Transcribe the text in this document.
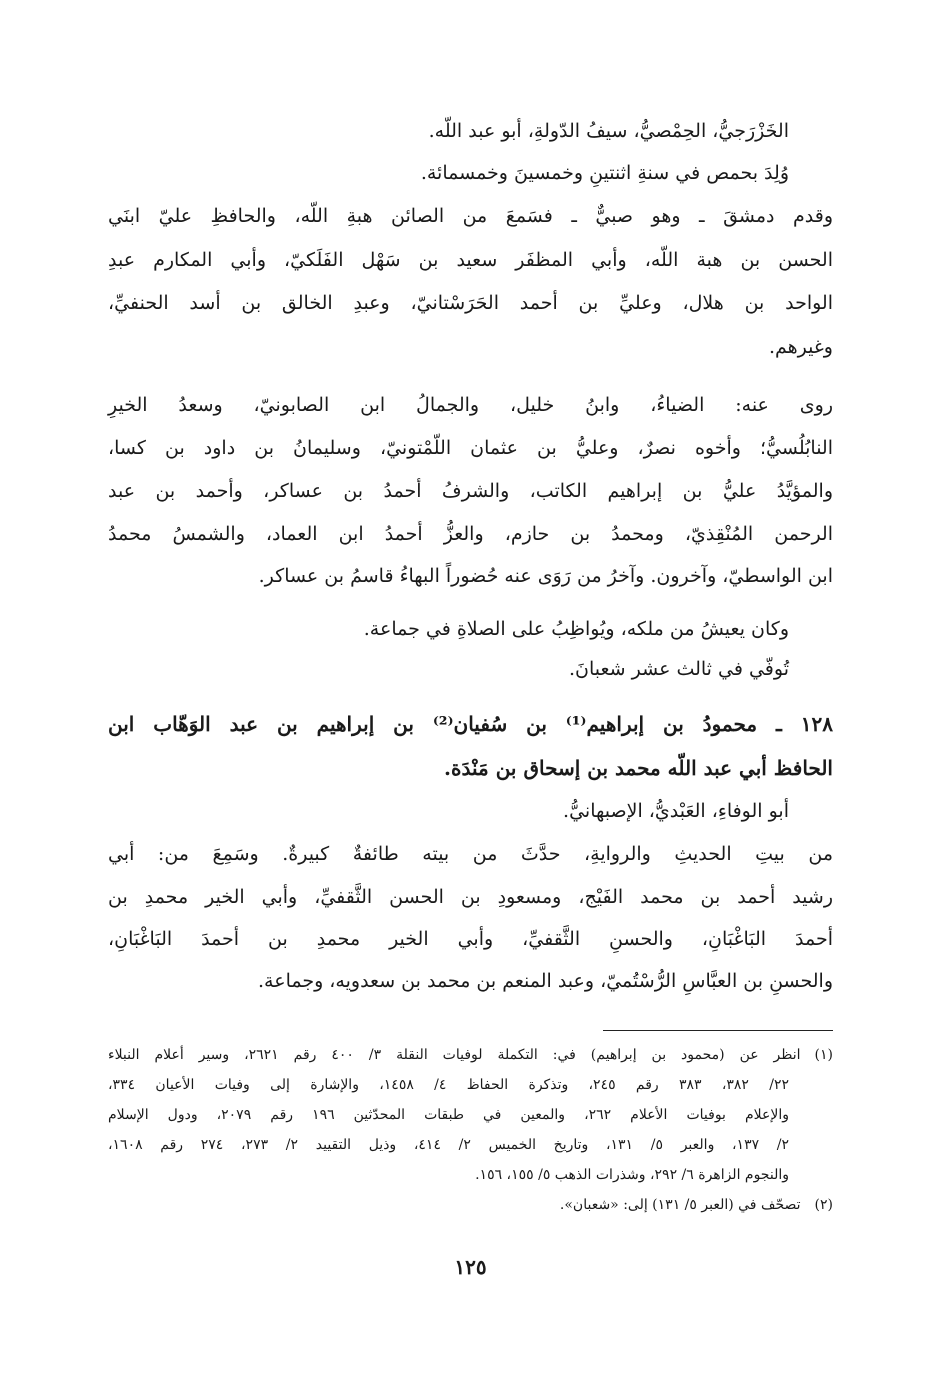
الخَزْرَجيُّ، الحِمْصيُّ، سيفُ الدّولةِ، أبو عبد اللّه.
وُلِدَ بحمص في سنةِ اثنتينِ وخمسينَ وخمسمائة.
وقدم دمشقَ ـ وهو صبيٌّ ـ فسَمعَ من الصائن هبةِ اللّه، والحافظِ عليّ ابنَي
الحسن بن هبة اللّه، وأبي المظفَر سعيد بن سَهْل الفَلَكيّ، وأبي المكارم عبدِ
الواحد بن هلال، وعليِّ بن أحمد الحَرَسْتانيّ، وعبدِ الخالق بن أسد الحنفيِّ،
وغيرهم.
روى عنه: الضياءُ، وابنُ خليل، والجمالُ ابن الصابونيّ، وسعدُ الخيرِ
النابُلُسيُّ؛ وأخوه نصرٌ، وعليُّ بن عثمان اللّمْتونيّ، وسليمانُ بن داود بن كسا،
والمؤيَّدُ عليُّ بن إبراهيم الكاتب، والشرفُ أحمدُ بن عساكر، وأحمد بن عبد
الرحمن المُنْقِذيّ، ومحمدُ بن حازم، والعزُّ أحمدُ ابن العماد، والشمسُ محمدُ
ابن الواسطيّ، وآخرون. وآخرُ من رَوَى عنه حُضوراً البهاءُ قاسمُ بن عساكر.
وكان يعيشُ من ملكه، ويُواظِبُ على الصلاةِ في جماعة.
تُوفّي في ثالث عشر شعبانَ.
١٢٨ ـ محمودُ بن إبراهيم⁽¹⁾ بن سُفيان⁽²⁾ بن إبراهيم بن عبد الوَهّاب ابن
الحافظ أبي عبد اللّه محمد بن إسحاق بن مَنْدَة.
أبو الوفاءِ، العَبْديُّ، الإصبهانيُّ.
من بيتِ الحديثِ والروايةِ، حدَّثَ من بيته طائفةٌ كبيرةٌ. وسَمِعَ من: أبي
رشيد أحمد بن محمد الفَيْج، ومسعودِ بن الحسن الثَّقفيِّ، وأبي الخير محمدِ بن
أحمدَ البَاغْبَانِ، والحسنِ الثَّقفيِّ، وأبي الخير محمدِ بن أحمدَ البَاغْبَانِ،
والحسنِ بن العبَّاسِ الرُّسْتُميّ، وعبد المنعم بن محمد بن سعدويه، وجماعة.
(١)انظر عن (محمود بن إبراهيم) في: التكملة لوفيات النقلة ٣/ ٤٠٠ رقم ٢٦٢١، وسير أعلام النبلاء
٢٢/ ٣٨٢، ٣٨٣ رقم ٢٤٥، وتذكرة الحفاظ ٤/ ١٤٥٨، والإشارة إلى وفيات الأعيان ٣٣٤،
والإعلام بوفيات الأعلام ٢٦٢، والمعين في طبقات المحدّثين ١٩٦ رقم ٢٠٧٩، ودول الإسلام
٢/ ١٣٧، والعبر ٥/ ١٣١، وتاريخ الخميس ٢/ ٤١٤، وذيل التقييد ٢/ ٢٧٣، ٢٧٤ رقم ١٦٠٨،
والنجوم الزاهرة ٦/ ٢٩٢، وشذرات الذهب ٥/ ١٥٥، ١٥٦.
(٢)تصحّف في (العبر ٥/ ١٣١) إلى: «شعبان».
١٢٥
